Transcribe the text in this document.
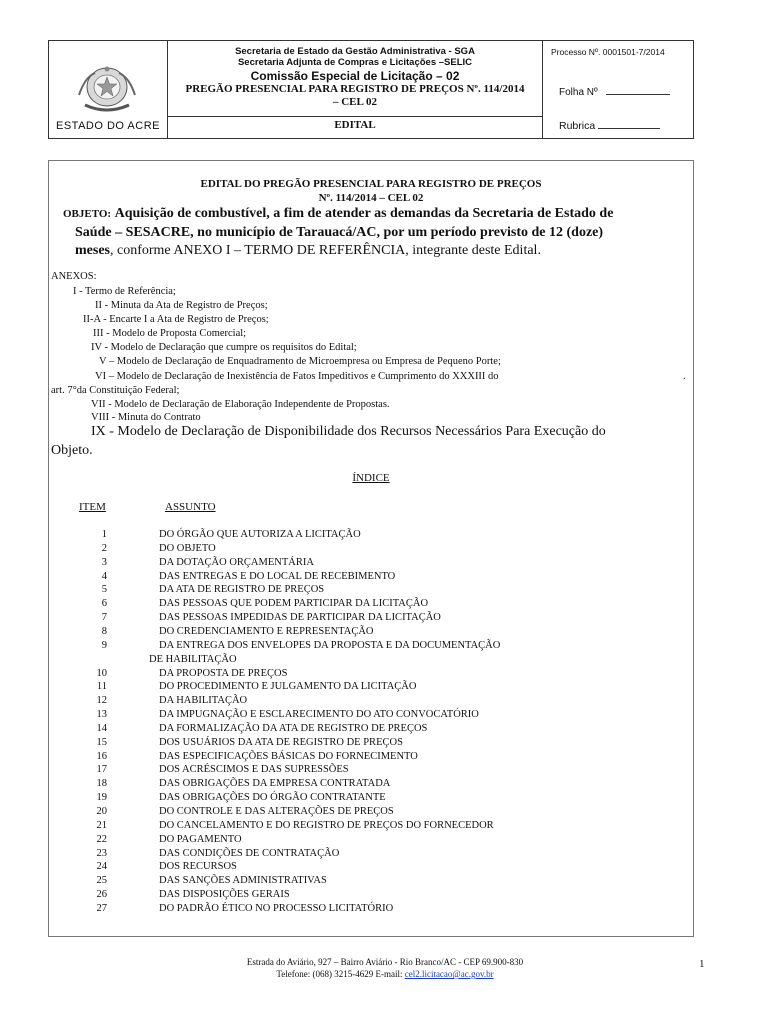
ESTADO DO ACRE
Secretaria de Estado da Gestão Administrativa - SGA
Secretaria Adjunta de Compras e Licitações –SELIC
Comissão Especial de Licitação – 02
PREGÃO PRESENCIAL PARA REGISTRO DE PREÇOS Nº. 114/2014
– CEL 02
EDITAL
Processo Nº. 0001501-7/2014
Folha Nº
Rubrica
EDITAL DO PREGÃO PRESENCIAL PARA REGISTRO DE PREÇOS
Nº. 114/2014 – CEL 02
OBJETO: Aquisição de combustível, a fim de atender as demandas da Secretaria de Estado de
Saúde – SESACRE, no município de Tarauacá/AC, por um período previsto de 12 (doze)
meses, conforme ANEXO I – TERMO DE REFERÊNCIA, integrante deste Edital.
ANEXOS:
I - Termo de Referência;
II - Minuta da Ata de Registro de Preços;
II-A - Encarte I a Ata de Registro de Preços;
III - Modelo de Proposta Comercial;
IV - Modelo de Declaração que cumpre os requisitos do Edital;
V – Modelo de Declaração de Enquadramento de Microempresa ou Empresa de Pequeno Porte;
VI – Modelo de Declaração de Inexistência de Fatos Impeditivos e Cumprimento do XXXIII do	.
art. 7°da Constituição Federal;
VII - Modelo de Declaração de Elaboração Independente de Propostas.
VIII - Minuta do Contrato
IX - Modelo de Declaração de Disponibilidade dos Recursos Necessários Para Execução do
Objeto.
ÍNDICE
ITEM	ASSUNTO
1	DO ÓRGÃO QUE AUTORIZA A LICITAÇÃO
2	DO OBJETO
3	DA DOTAÇÃO ORÇAMENTÁRIA
4	DAS ENTREGAS E DO LOCAL DE RECEBIMENTO
5	DA ATA DE REGISTRO DE PREÇOS
6	DAS PESSOAS QUE PODEM PARTICIPAR DA LICITAÇÃO
7	DAS PESSOAS IMPEDIDAS DE PARTICIPAR DA LICITAÇÃO
8	DO CREDENCIAMENTO E REPRESENTAÇÃO
9	DA ENTREGA DOS ENVELOPES DA PROPOSTA E DA DOCUMENTAÇÃO
DE HABILITAÇÃO
10	DA PROPOSTA DE PREÇOS
11	DO PROCEDIMENTO E JULGAMENTO DA LICITAÇÃO
12	DA HABILITAÇÃO
13	DA IMPUGNAÇÃO E ESCLARECIMENTO DO ATO CONVOCATÓRIO
14	DA FORMALIZAÇÃO DA ATA DE REGISTRO DE PREÇOS
15	DOS USUÁRIOS DA ATA DE REGISTRO DE PREÇOS
16	DAS ESPECIFICAÇÕES BÁSICAS DO FORNECIMENTO
17	DOS ACRÉSCIMOS E DAS SUPRESSÕES
18	DAS OBRIGAÇÕES DA EMPRESA CONTRATADA
19	DAS OBRIGAÇÕES DO ÓRGÃO CONTRATANTE
20	DO CONTROLE E DAS ALTERAÇÕES DE PREÇOS
21	DO CANCELAMENTO E DO REGISTRO DE PREÇOS DO FORNECEDOR
22	DO PAGAMENTO
23	DAS CONDIÇÕES DE CONTRATAÇÃO
24	DOS RECURSOS
25	DAS SANÇÕES ADMINISTRATIVAS
26	DAS DISPOSIÇÕES GERAIS
27	DO PADRÃO ÉTICO NO PROCESSO LICITATÓRIO
Estrada do Aviário, 927 – Bairro Aviário - Rio Branco/AC - CEP 69.900-830
Telefone: (068) 3215-4629 E-mail: cel2.licitacao@ac.gov.br
1
